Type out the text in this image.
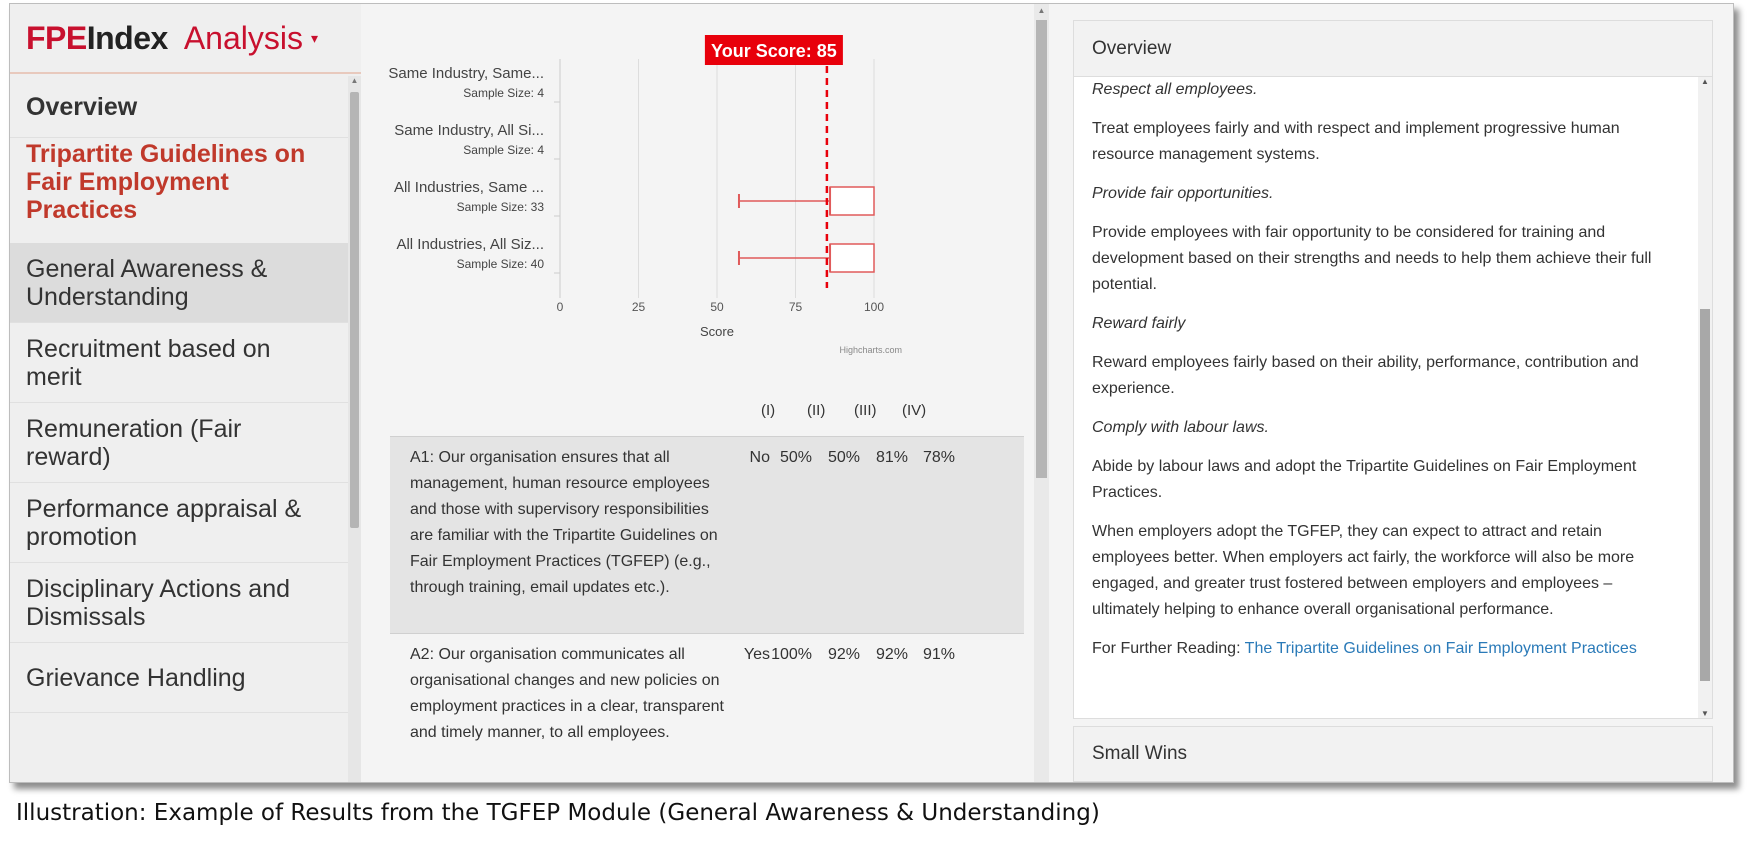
FPEIndex Analysis ▾
Overview
Tripartite Guidelines on Fair Employment Practices
General Awareness & Understanding
Recruitment based on merit
Remuneration (Fair reward)
Performance appraisal & promotion
Disciplinary Actions and Dismissals
Grievance Handling
▲
0	25	50	75	100
Same Industry, Same...
Sample Size: 4
Same Industry, All Si...
Sample Size: 4
All Industries, Same ...
Sample Size: 33
All Industries, All Siz...
Sample Size: 40
Your Score: 85
Score
Highcharts.com
(I) (II) (III) (IV)
A1: Our organisation ensures that all management, human resource employees and those with supervisory responsibilities are familiar with the Tripartite Guidelines on Fair Employment Practices (TGFEP) (e.g., through training, email updates etc.).
No 50% 50% 81% 78%
A2: Our organisation communicates all organisational changes and new policies on employment practices in a clear, transparent and timely manner, to all employees.
Yes 100% 92% 92% 91%
▲
Overview

Respect all employees.

Treat employees fairly and with respect and implement progressive human resource management systems.

Provide fair opportunities.

Provide employees with fair opportunity to be considered for training and development based on their strengths and needs to help them achieve their full potential.

Reward fairly

Reward employees fairly based on their ability, performance, contribution and experience.

Comply with labour laws.

Abide by labour laws and adopt the Tripartite Guidelines on Fair Employment Practices.

When employers adopt the TGFEP, they can expect to attract and retain employees better. When employers act fairly, the workforce will also be more engaged, and greater trust fostered between employers and employees – ultimately helping to enhance overall organisational performance.

For Further Reading: The Tripartite Guidelines on Fair Employment Practices

▲
▼
Small Wins
Illustration: Example of Results from the TGFEP Module (General Awareness & Understanding)
